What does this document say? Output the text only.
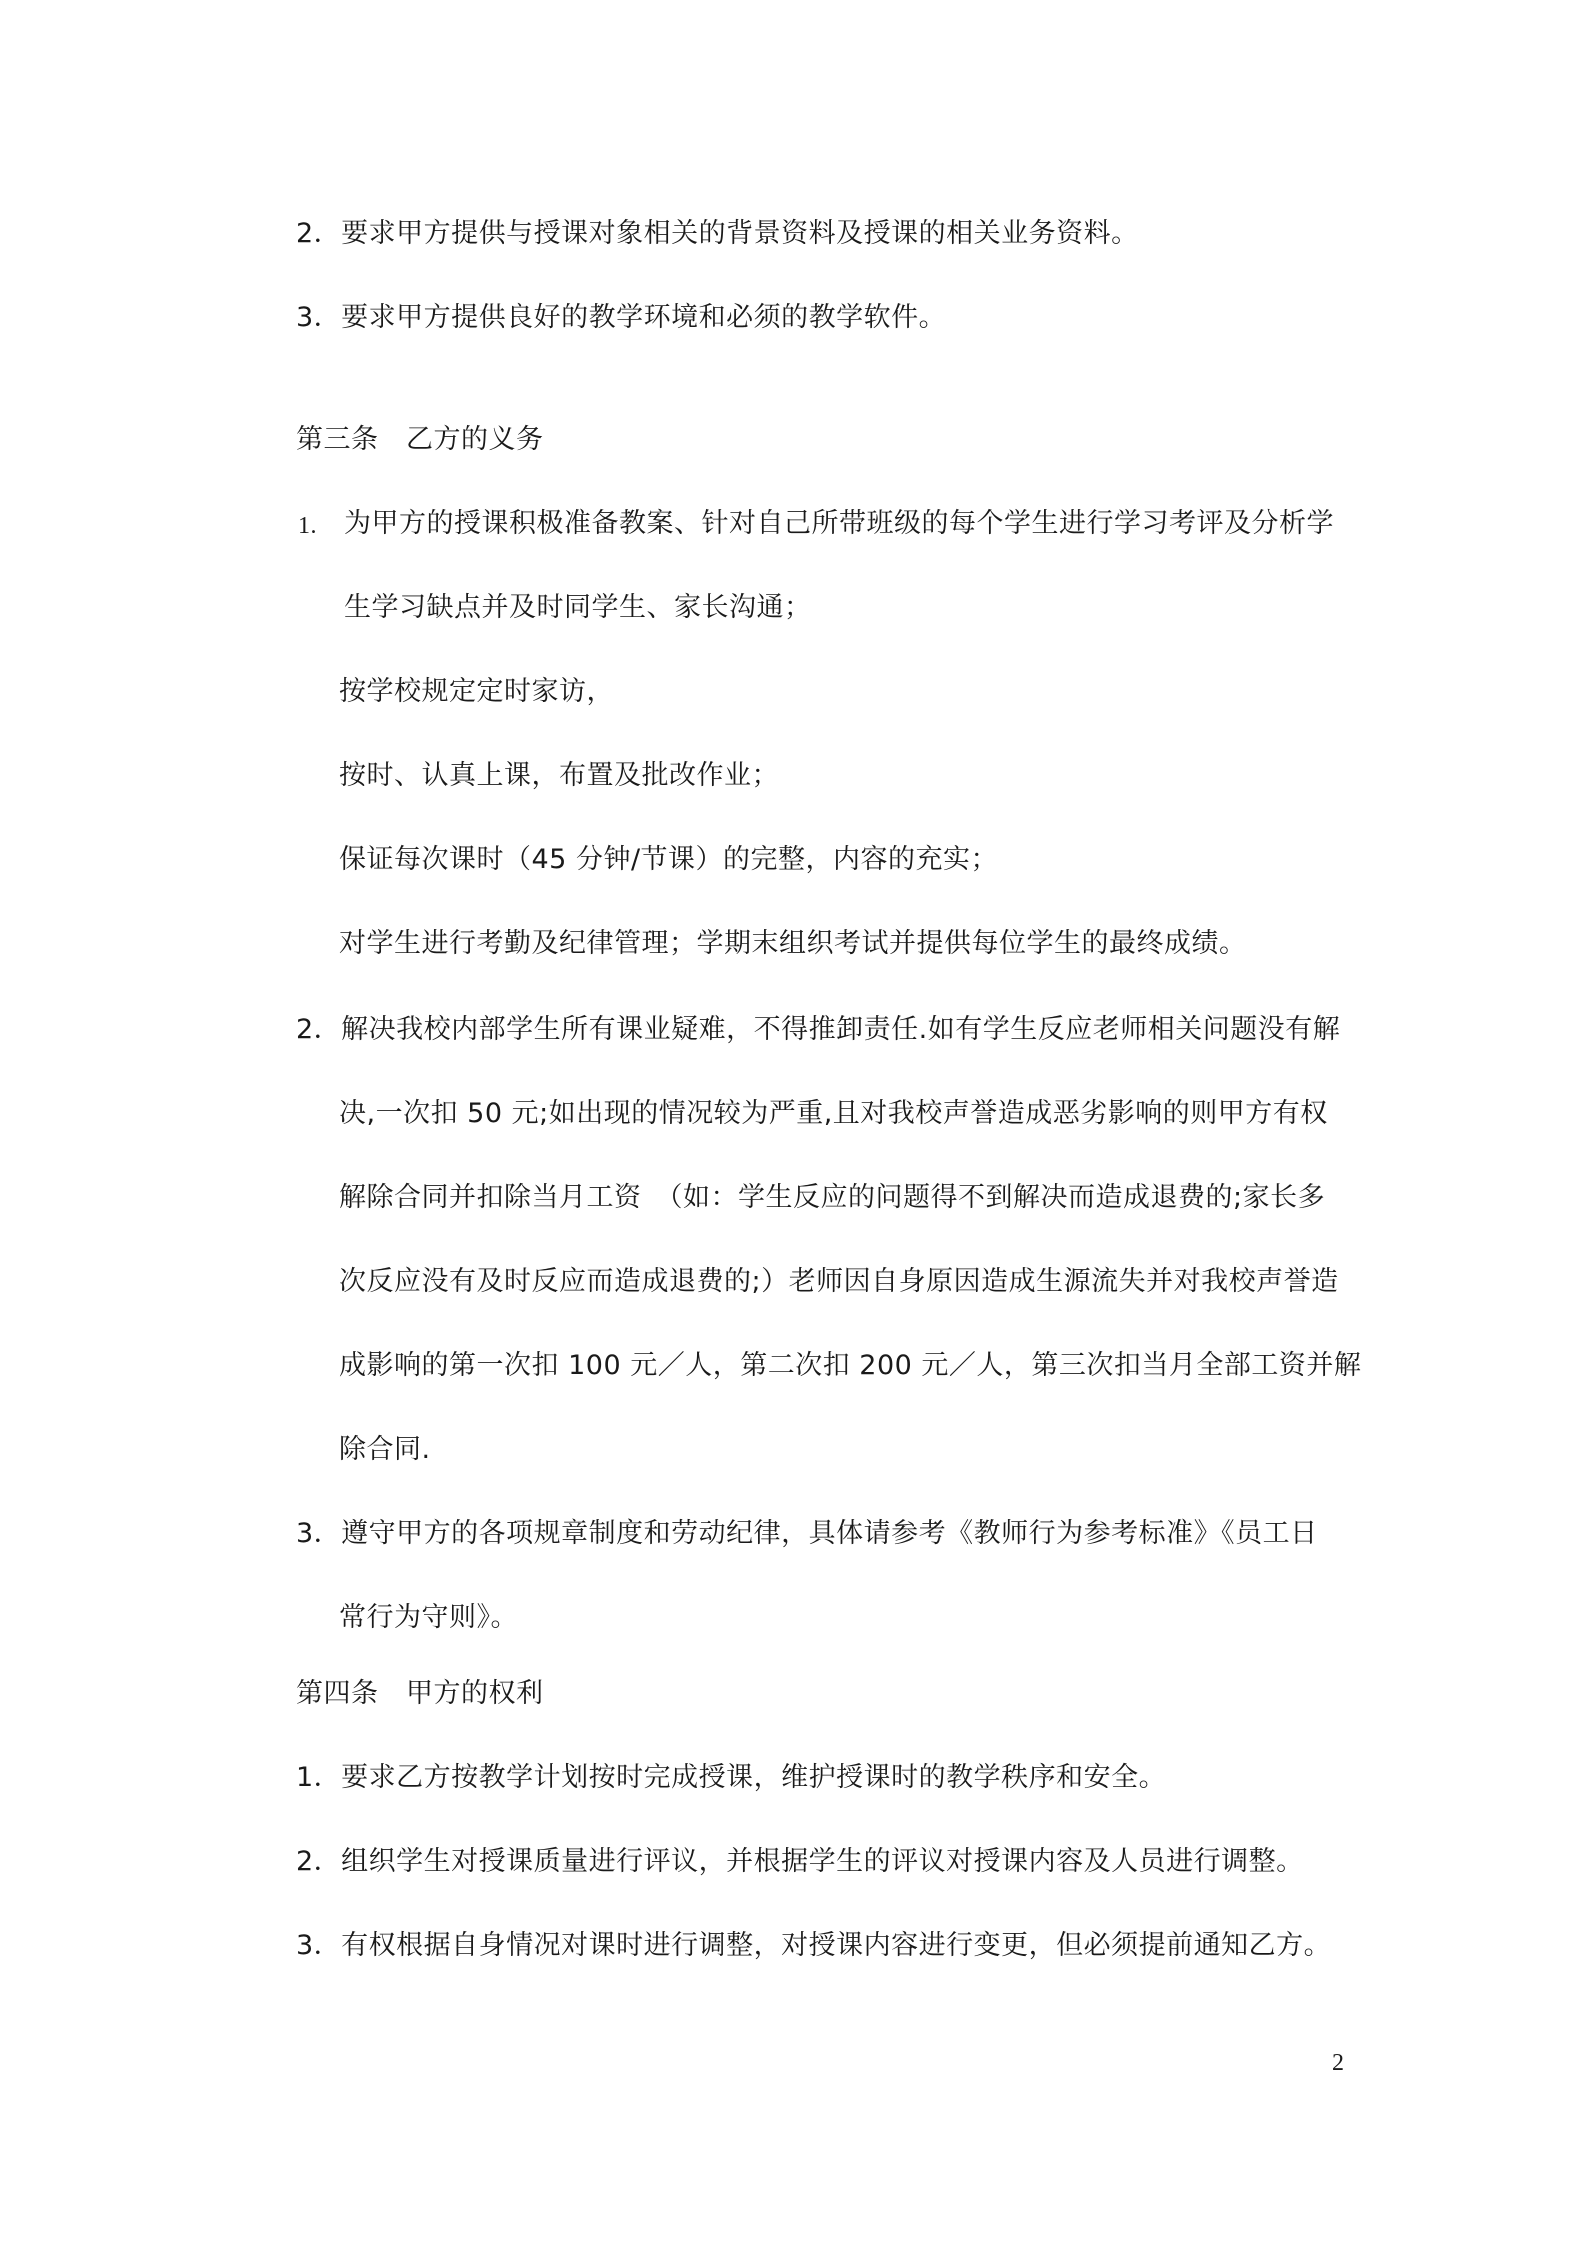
2．要求甲方提供与授课对象相关的背景资料及授课的相关业务资料。
3．要求甲方提供良好的教学环境和必须的教学软件。
第三条　乙方的义务
1. 为甲方的授课积极准备教案、针对自己所带班级的每个学生进行学习考评及分析学
生学习缺点并及时同学生、家长沟通；
按学校规定定时家访，
按时、认真上课，布置及批改作业；
保证每次课时（45 分钟/节课）的完整，内容的充实；
对学生进行考勤及纪律管理；学期末组织考试并提供每位学生的最终成绩。
2．解决我校内部学生所有课业疑难，不得推卸责任.如有学生反应老师相关问题没有解
决,一次扣 50 元;如出现的情况较为严重,且对我校声誉造成恶劣影响的则甲方有权
解除合同并扣除当月工资　（如：学生反应的问题得不到解决而造成退费的;家长多
次反应没有及时反应而造成退费的;）老师因自身原因造成生源流失并对我校声誉造
成影响的第一次扣 100 元／人，第二次扣 200 元／人，第三次扣当月全部工资并解
除合同.
3．遵守甲方的各项规章制度和劳动纪律，具体请参考《教师行为参考标准》《员工日
常行为守则》。
第四条　甲方的权利
1．要求乙方按教学计划按时完成授课，维护授课时的教学秩序和安全。
2．组织学生对授课质量进行评议，并根据学生的评议对授课内容及人员进行调整。
3．有权根据自身情况对课时进行调整，对授课内容进行变更，但必须提前通知乙方。
2
